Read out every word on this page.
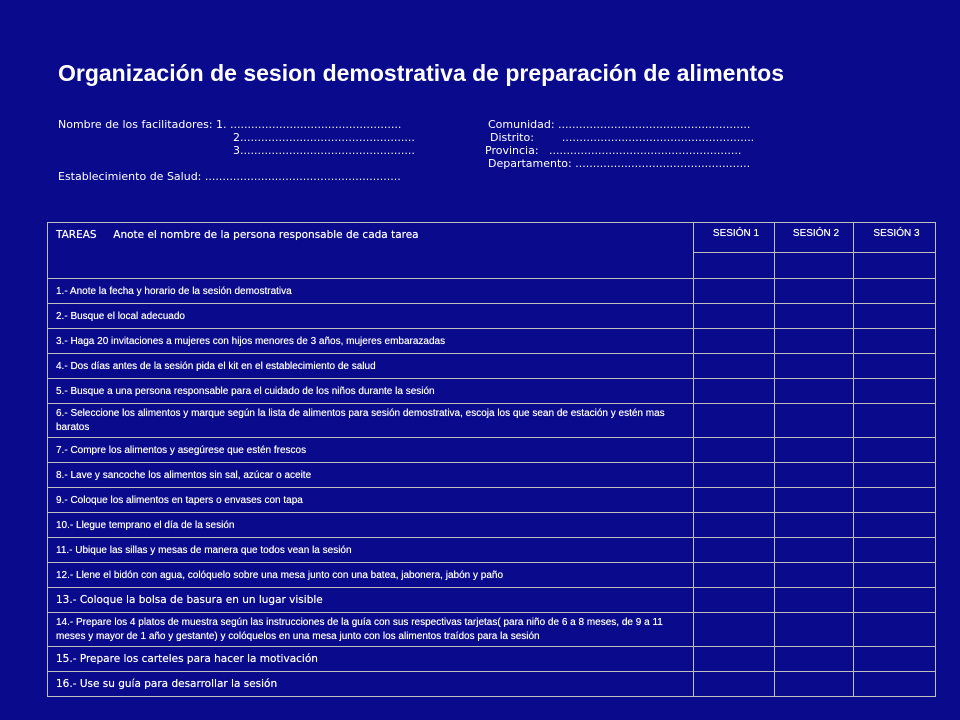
Organización de sesion demostrativa de preparación de alimentos
Nombre de los facilitadores: 1. .................................................
2..................................................
3..................................................
Establecimiento de Salud: ........................................................
Comunidad: .......................................................
Distrito:        .......................................................
Provincia:   .......................................................
Departamento: ..................................................
TAREAS Anote el nombre de la persona responsable de cada tarea	SESIÓN 1	SESIÓN 2	SESIÓN 3

1.- Anote la fecha y horario de la sesión demostrativa			
2.- Busque el local adecuado			
3.- Haga 20 invitaciones a mujeres con hijos menores de 3 años, mujeres embarazadas			
4.- Dos días antes de la sesión pida el kit en el establecimiento de salud			
5.- Busque a una persona responsable para el cuidado de los niños durante la sesión			
6.- Seleccione los alimentos y marque según la lista de alimentos para sesión demostrativa, escoja los que sean de estación y estén mas baratos			
7.- Compre los alimentos y asegúrese que estén frescos			
8.- Lave y sancoche los alimentos sin sal, azúcar o aceite			
9.- Coloque los alimentos en tapers o envases con tapa			
10.- Llegue temprano el día de la sesión			
11.- Ubique las sillas y mesas de manera que todos vean la sesión			
12.- Llene el bidón con agua, colóquelo sobre una mesa junto con una batea, jabonera, jabón y paño			
13.- Coloque la bolsa de basura en un lugar visible			
14.- Prepare los 4 platos de muestra según las instrucciones de la guía con sus respectivas tarjetas( para niño de 6 a 8 meses, de 9 a 11 meses y mayor de 1 año y gestante) y colóquelos en una mesa junto con los alimentos traídos para la sesión			
15.- Prepare los carteles para hacer la motivación			
16.- Use su guía para desarrollar la sesión			
